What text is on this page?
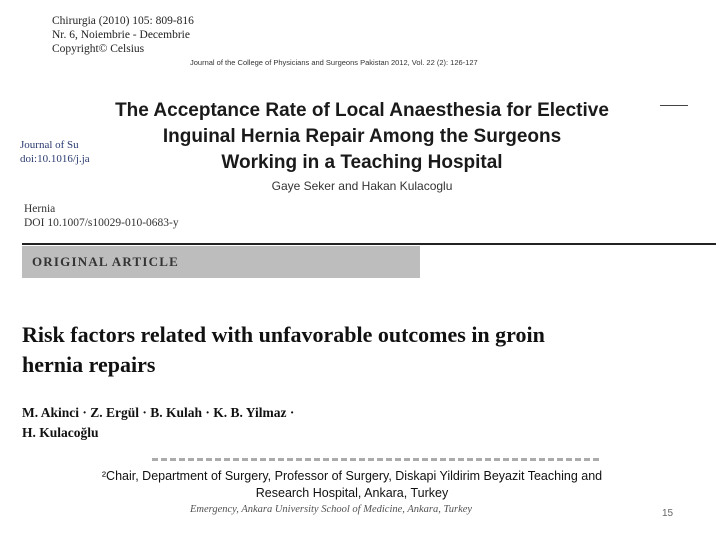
Chirurgia (2010) 105: 809-816
Nr. 6, Noiembrie - Decembrie
Copyright© Celsius
Journal of the College of Physicians and Surgeons Pakistan 2012, Vol. 22 (2): 126-127
Journal of Su
doi:10.1016/j.ja
The Acceptance Rate of Local Anaesthesia for Elective
Inguinal Hernia Repair Among the Surgeons
Working in a Teaching Hospital
Gaye Seker and Hakan Kulacoglu
Hernia
DOI 10.1007/s10029-010-0683-y
ORIGINAL ARTICLE
Risk factors related with unfavorable outcomes in groin
hernia repairs
M. Akinci · Z. Ergül · B. Kulah · K. B. Yilmaz ·
H. Kulacoğlu
²Chair, Department of Surgery, Professor of Surgery, Diskapi Yildirim Beyazit Teaching and
Research Hospital, Ankara, Turkey
Emergency, Ankara University School of Medicine, Ankara, Turkey	15
